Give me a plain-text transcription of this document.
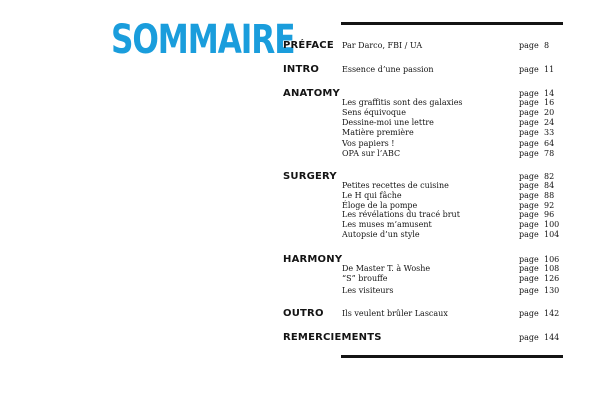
SOMMAIRE
PRÉFACE Par Darco, FBI / UA	page 8
INTRO	Essence d’une passion	page 11
ANATOMY	page 14
Les graffitis sont des galaxies	page 16
Sens équivoque	page 20
Dessine-moi une lettre	page 24
Matière première	page 33
Vos papiers !	page 64
OPA sur l’ABC	page 78
SURGERY	page 82
Petites recettes de cuisine	page 84
Le H qui fâche	page 88
Éloge de la pompe	page 92
Les révélations du tracé brut	page 96
Les muses m’amusent	page 100
Autopsie d’un style	page 104
HARMONY	page 106
De Master T. à Woshe	page 108
“S” brouffe	page 126
Les visiteurs	page 130
OUTRO Ils veulent brûler Lascaux	page 142
REMERCIEMENTS	page 144
